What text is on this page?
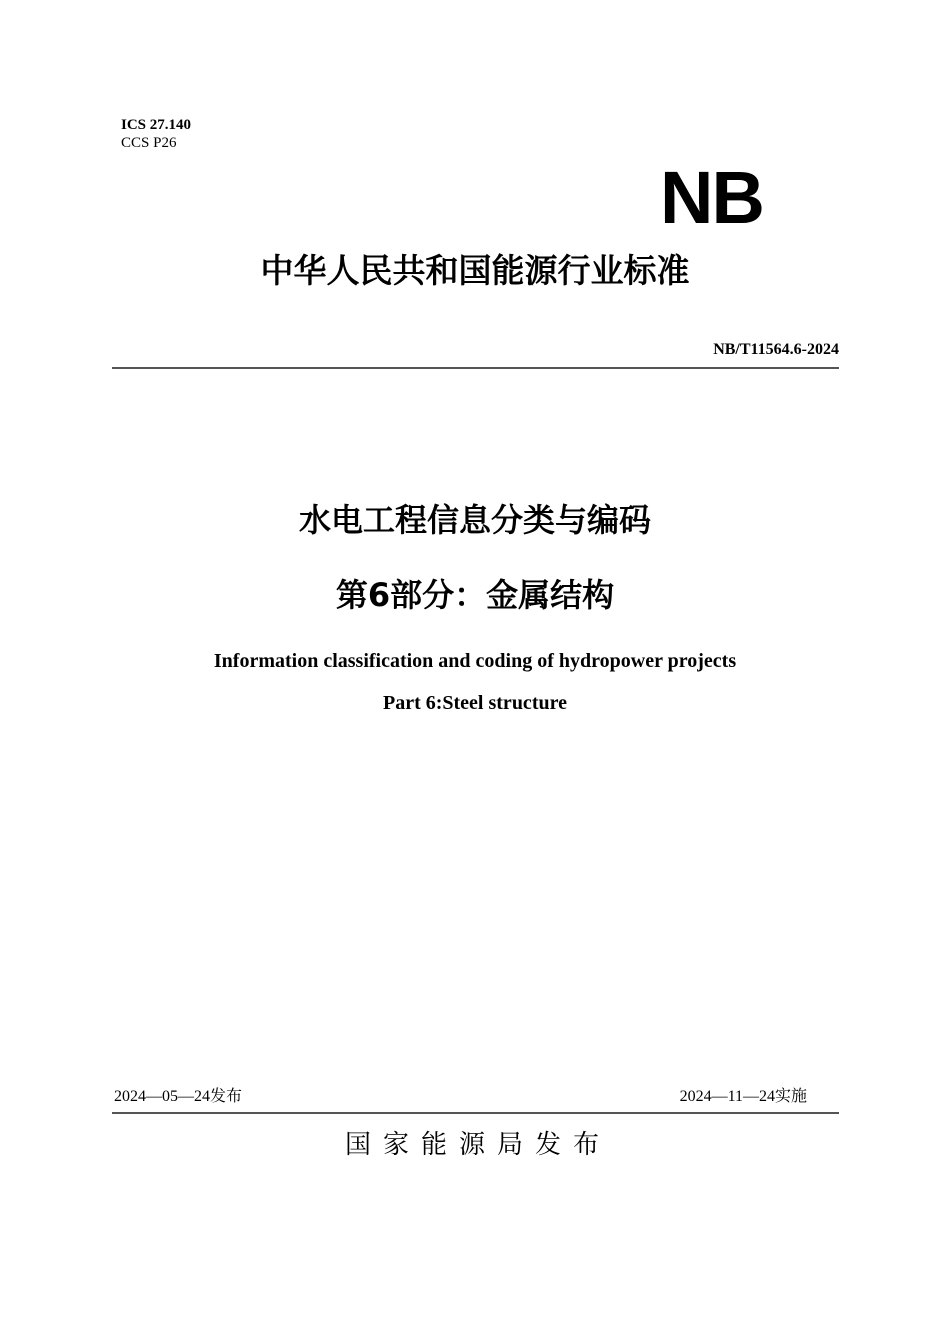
ICS 27.140
CCS P26
NB
中华人民共和国能源行业标准
NB/T11564.6-2024
水电工程信息分类与编码
第6部分：金属结构
Information classification and coding of hydropower projects
Part 6:Steel structure
2024—05—24发布	2024—11—24实施
国家能源局发布
